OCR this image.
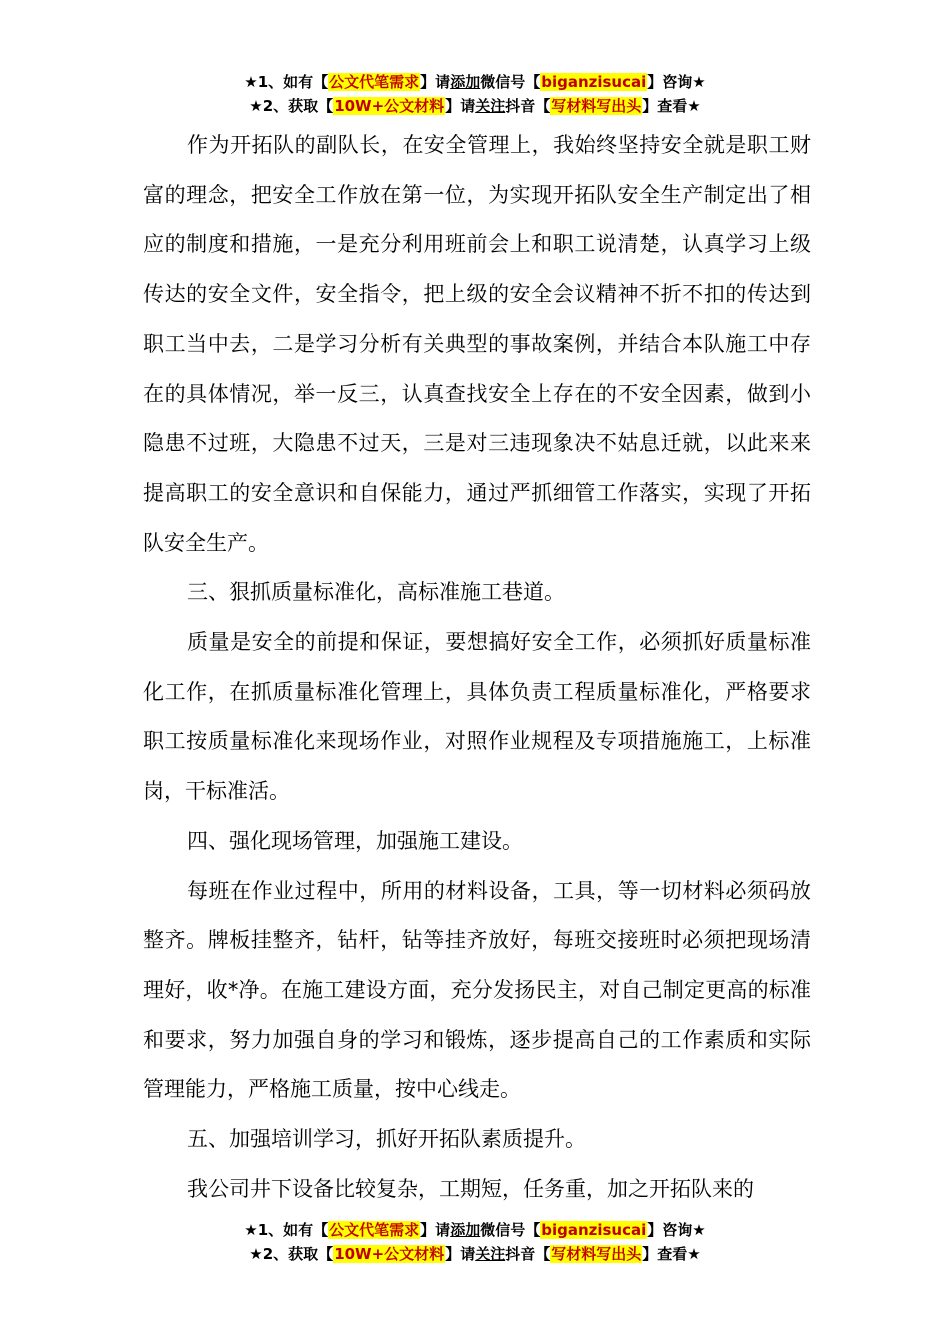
★1、如有【公文代笔需求】请添加微信号【biganzisucai】咨询★
★2、获取【10W+公文材料】请关注抖音【写材料写出头】查看★

作为开拓队的副队长，在安全管理上，我始终坚持安全就是职工财富的理念，把安全工作放在第一位，为实现开拓队安全生产制定出了相应的制度和措施，一是充分利用班前会上和职工说清楚，认真学习上级传达的安全文件，安全指令，把上级的安全会议精神不折不扣的传达到职工当中去，二是学习分析有关典型的事故案例，并结合本队施工中存在的具体情况，举一反三，认真查找安全上存在的不安全因素，做到小隐患不过班，大隐患不过天，三是对三违现象决不姑息迁就，以此来来提高职工的安全意识和自保能力，通过严抓细管工作落实，实现了开拓队安全生产。

三、狠抓质量标准化，高标准施工巷道。

质量是安全的前提和保证，要想搞好安全工作，必须抓好质量标准化工作，在抓质量标准化管理上，具体负责工程质量标准化，严格要求职工按质量标准化来现场作业，对照作业规程及专项措施施工，上标准岗，干标准活。

四、强化现场管理，加强施工建设。

每班在作业过程中，所用的材料设备，工具，等一切材料必须码放整齐。牌板挂整齐，钻杆，钻等挂齐放好，每班交接班时必须把现场清理好，收*净。在施工建设方面，充分发扬民主，对自己制定更高的标准和要求，努力加强自身的学习和锻炼，逐步提高自己的工作素质和实际管理能力，严格施工质量，按中心线走。

五、加强培训学习，抓好开拓队素质提升。

我公司井下设备比较复杂，工期短，任务重，加之开拓队来的

★1、如有【公文代笔需求】请添加微信号【biganzisucai】咨询★
★2、获取【10W+公文材料】请关注抖音【写材料写出头】查看★
